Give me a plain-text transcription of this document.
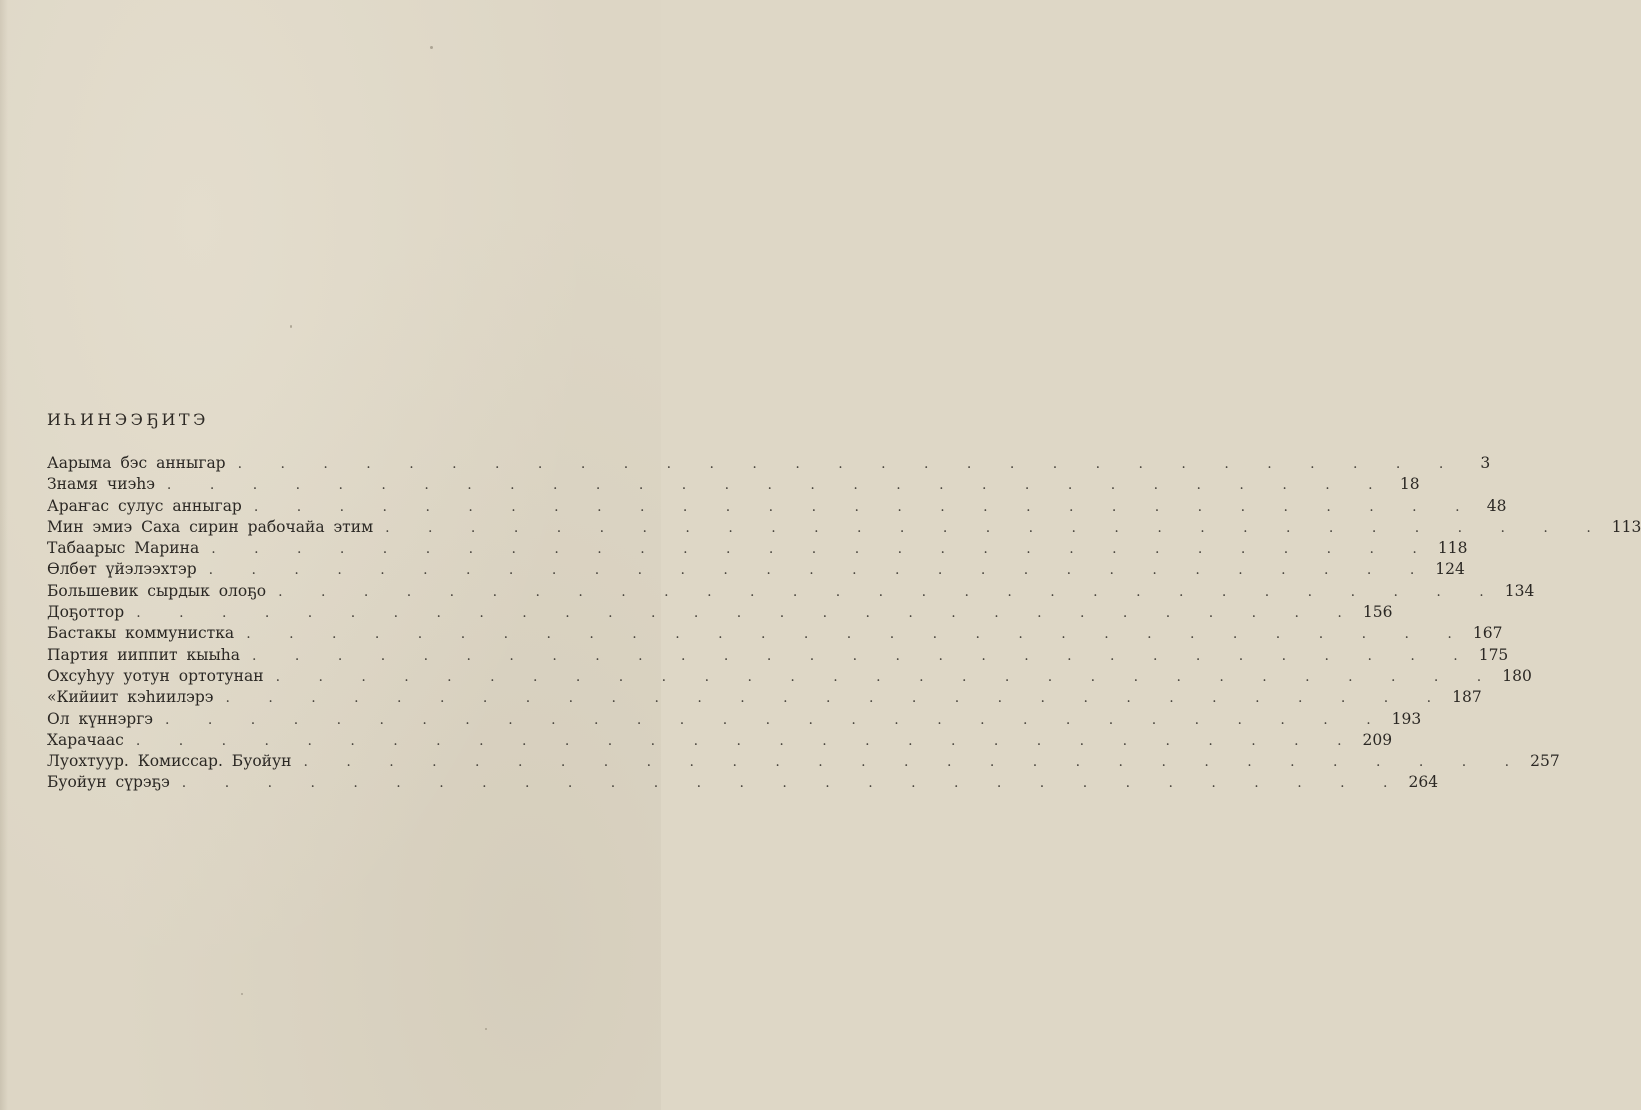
ИҺИНЭЭҔИТЭ
Аарыма бэс анныгар . . . . . . . . . . . . . . . . . . . . . . . . . . . . .	3
Знамя чиэһэ . . . . . . . . . . . . . . . . . . . . . . . . . . . . . 18
Араҥас сулус анныгар . . . . . . . . . . . . . . . . . . . . . . . . . . . . . 48
Мин эмиэ Саха сирин рабочайа этим . . . . . . . . . . . . . . . . . . . . . . . . . . . . . 113
Табаарыс Марина . . . . . . . . . . . . . . . . . . . . . . . . . . . . . 118
Өлбөт үйэлээхтэр . . . . . . . . . . . . . . . . . . . . . . . . . . . . . 124
Большевик сырдык олоҕо . . . . . . . . . . . . . . . . . . . . . . . . . . . . . 134
Доҕоттор . . . . . . . . . . . . . . . . . . . . . . . . . . . . . 156
Бастакы коммунистка . . . . . . . . . . . . . . . . . . . . . . . . . . . . . 167
Партия ииппит кыыһа . . . . . . . . . . . . . . . . . . . . . . . . . . . . . 175
Охсуһуу уотун ортотунан . . . . . . . . . . . . . . . . . . . . . . . . . . . . . 180
«Кийиит кэһиилэрэ . . . . . . . . . . . . . . . . . . . . . . . . . . . . . 187
Ол күннэргэ . . . . . . . . . . . . . . . . . . . . . . . . . . . . . 193
Харачаас . . . . . . . . . . . . . . . . . . . . . . . . . . . . . 209
Луохтуур. Комиссар. Буойун . . . . . . . . . . . . . . . . . . . . . . . . . . . . . 257
Буойун сүрэҕэ . . . . . . . . . . . . . . . . . . . . . . . . . . . . . 264
